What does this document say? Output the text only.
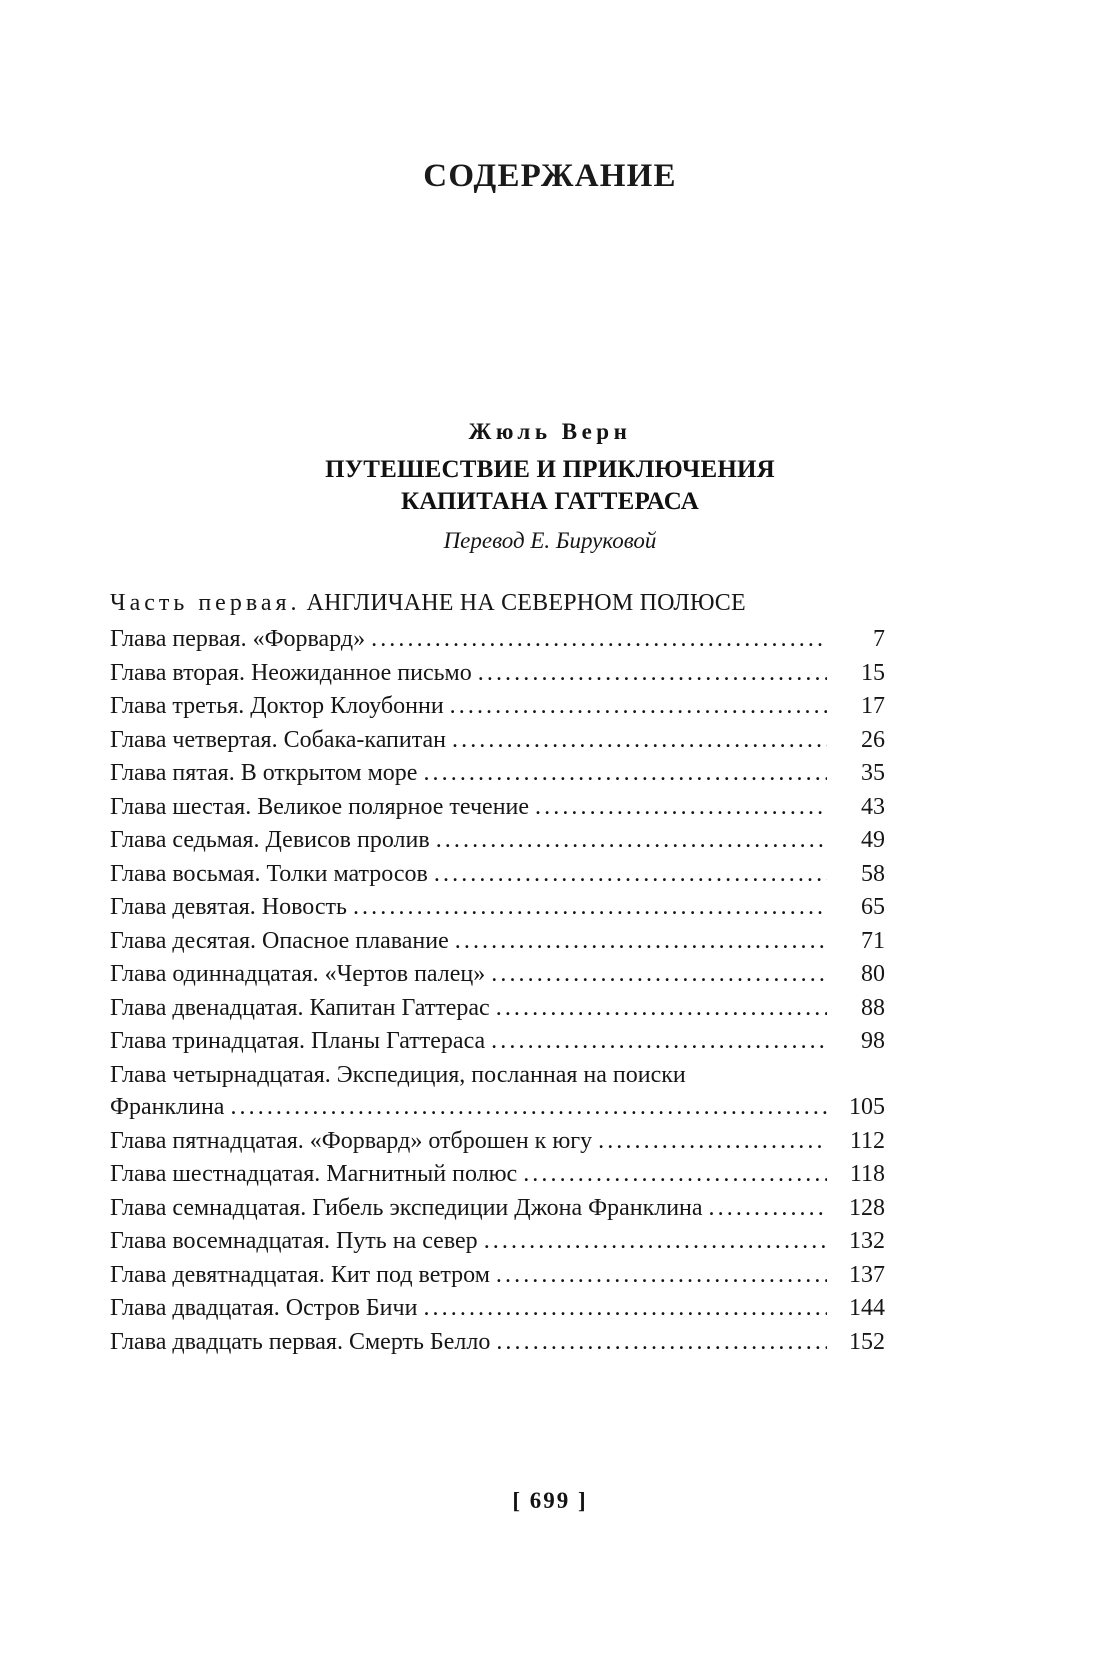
СОДЕРЖАНИЕ
Жюль Верн
ПУТЕШЕСТВИЕ И ПРИКЛЮЧЕНИЯ
КАПИТАНА ГАТТЕРАСА
Перевод Е. Бируковой
Часть первая. АНГЛИЧАНЕ НА СЕВЕРНОМ ПОЛЮСЕ
Глава первая. «Форвард» .....	7
Глава вторая. Неожиданное письмо .....	15
Глава третья. Доктор Клоубонни .....	17
Глава четвертая. Собака-капитан .....	26
Глава пятая. В открытом море .....	35
Глава шестая. Великое полярное течение .....	43
Глава седьмая. Девисов пролив .....	49
Глава восьмая. Толки матросов .....	58
Глава девятая. Новость .....	65
Глава десятая. Опасное плавание .....	71
Глава одиннадцатая. «Чертов палец» .....	80
Глава двенадцатая. Капитан Гаттерас .....	88
Глава тринадцатая. Планы Гаттераса .....	98
Глава четырнадцатая. Экспедиция, посланная на поиски
Франклина .....	105
Глава пятнадцатая. «Форвард» отброшен к югу .....	112
Глава шестнадцатая. Магнитный полюс .....	118
Глава семнадцатая. Гибель экспедиции Джона Франклина .....	128
Глава восемнадцатая. Путь на север .....	132
Глава девятнадцатая. Кит под ветром .....	137
Глава двадцатая. Остров Бичи .....	144
Глава двадцать первая. Смерть Белло .....	152
[ 699 ]
